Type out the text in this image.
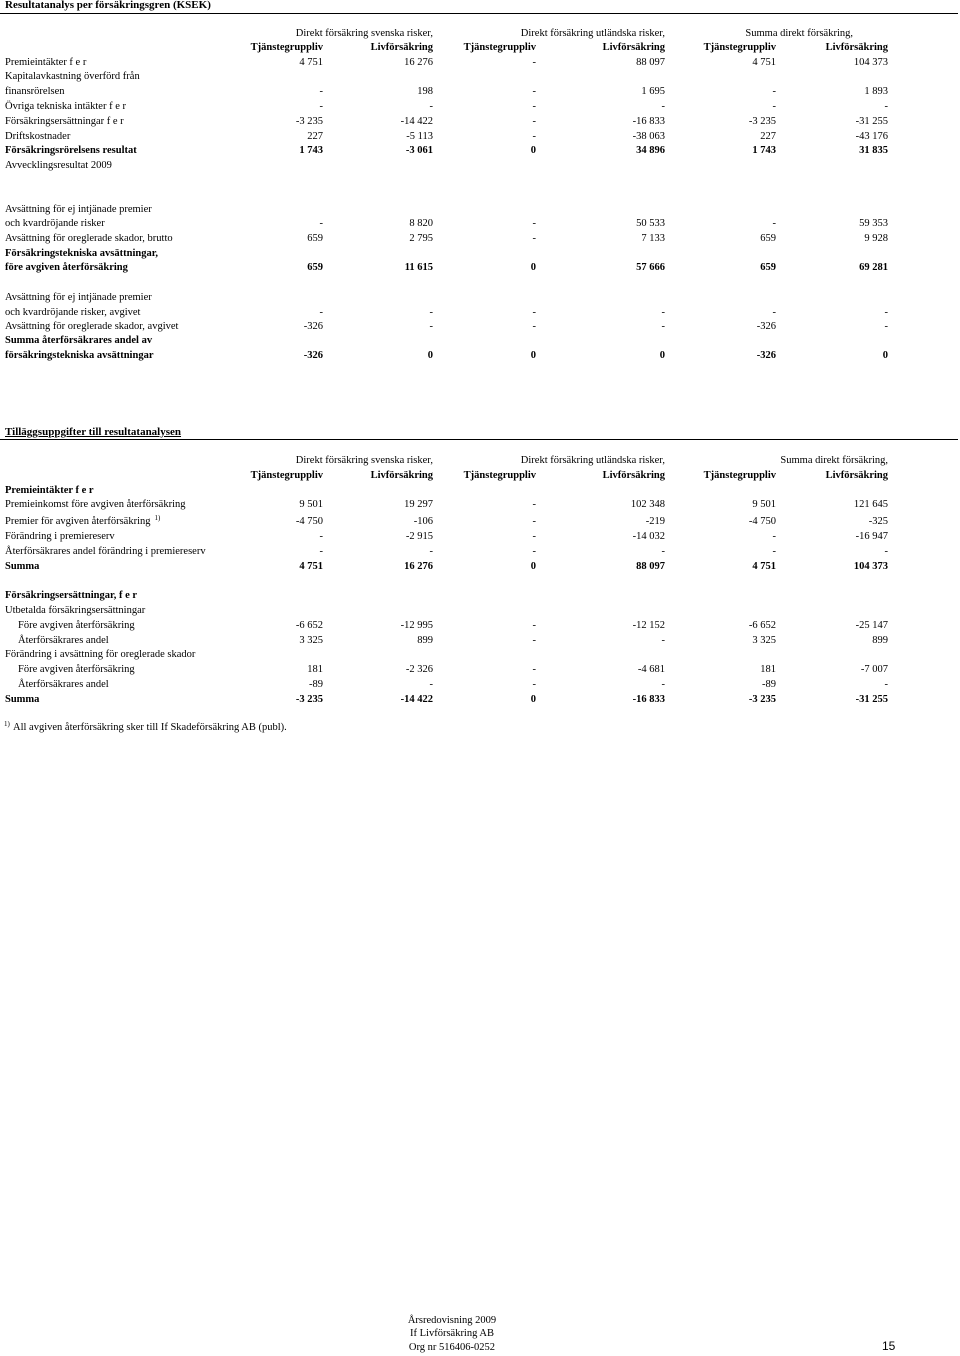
Resultatanalys per försäkringsgren (KSEK)
Direkt försäkring svenska risker,	Direkt försäkring utländska risker,	Summa direkt försäkring,
Tjänstegruppliv	Livförsäkring	Tjänstegruppliv	Livförsäkring	Tjänstegruppliv	Livförsäkring
Premieintäkter f e r	4 751	16 276	-	88 097	4 751	104 373
Kapitalavkastning överförd från
finansrörelsen	-	198	-	1 695	-	1 893
Övriga tekniska intäkter f e r	-	-	-	-	-	-
Försäkringsersättningar f e r	-3 235	-14 422	-	-16 833	-3 235	-31 255
Driftskostnader	227	-5 113	-	-38 063	227	-43 176
Försäkringsrörelsens resultat	1 743	-3 061	0	34 896	1 743	31 835
Avvecklingsresultat 2009
Avsättning för ej intjänade premier
och kvardröjande risker	-	8 820	-	50 533	-	59 353
Avsättning för oreglerade skador, brutto	659	2 795	-	7 133	659	9 928
Försäkringstekniska avsättningar,
före avgiven återförsäkring	659	11 615	0	57 666	659	69 281
Avsättning för ej intjänade premier
och kvardröjande risker, avgivet	-	-	-	-	-	-
Avsättning för oreglerade skador, avgivet	-326	-	-	-	-326	-
Summa återförsäkrares andel av
försäkringstekniska avsättningar	-326	0	0	0	-326	0
Tilläggsuppgifter till resultatanalysen
Direkt försäkring svenska risker,	Direkt försäkring utländska risker,	Summa direkt försäkring,
Tjänstegruppliv	Livförsäkring	Tjänstegruppliv	Livförsäkring	Tjänstegruppliv	Livförsäkring
Premieintäkter f e r
Premieinkomst före avgiven återförsäkring	9 501	19 297	-	102 348	9 501	121 645
Premier för avgiven återförsäkring $^{1)}$	-4 750	-106	-	-219	-4 750	-325
Förändring i premiereserv	-	-2 915	-	-14 032	-	-16 947
Återförsäkrares andel förändring i premiereserv	-	-	-	-	-	-
Summa	4 751	16 276	0	88 097	4 751	104 373
Försäkringsersättningar, f e r
Utbetalda försäkringsersättningar
Före avgiven återförsäkring	-6 652	-12 995	-	-12 152	-6 652	-25 147
Återförsäkrares andel	3 325	899	-	-	3 325	899
Förändring i avsättning för oreglerade skador
Före avgiven återförsäkring	181	-2 326	-	-4 681	181	-7 007
Återförsäkrares andel	-89	-	-	-	-89	-
Summa	-3 235	-14 422	0	-16 833	-3 235	-31 255
1) All avgiven återförsäkring sker till If Skadeförsäkring AB (publ).
Årsredovisning 2009
If Livförsäkring AB
Org nr 516406-0252	15
